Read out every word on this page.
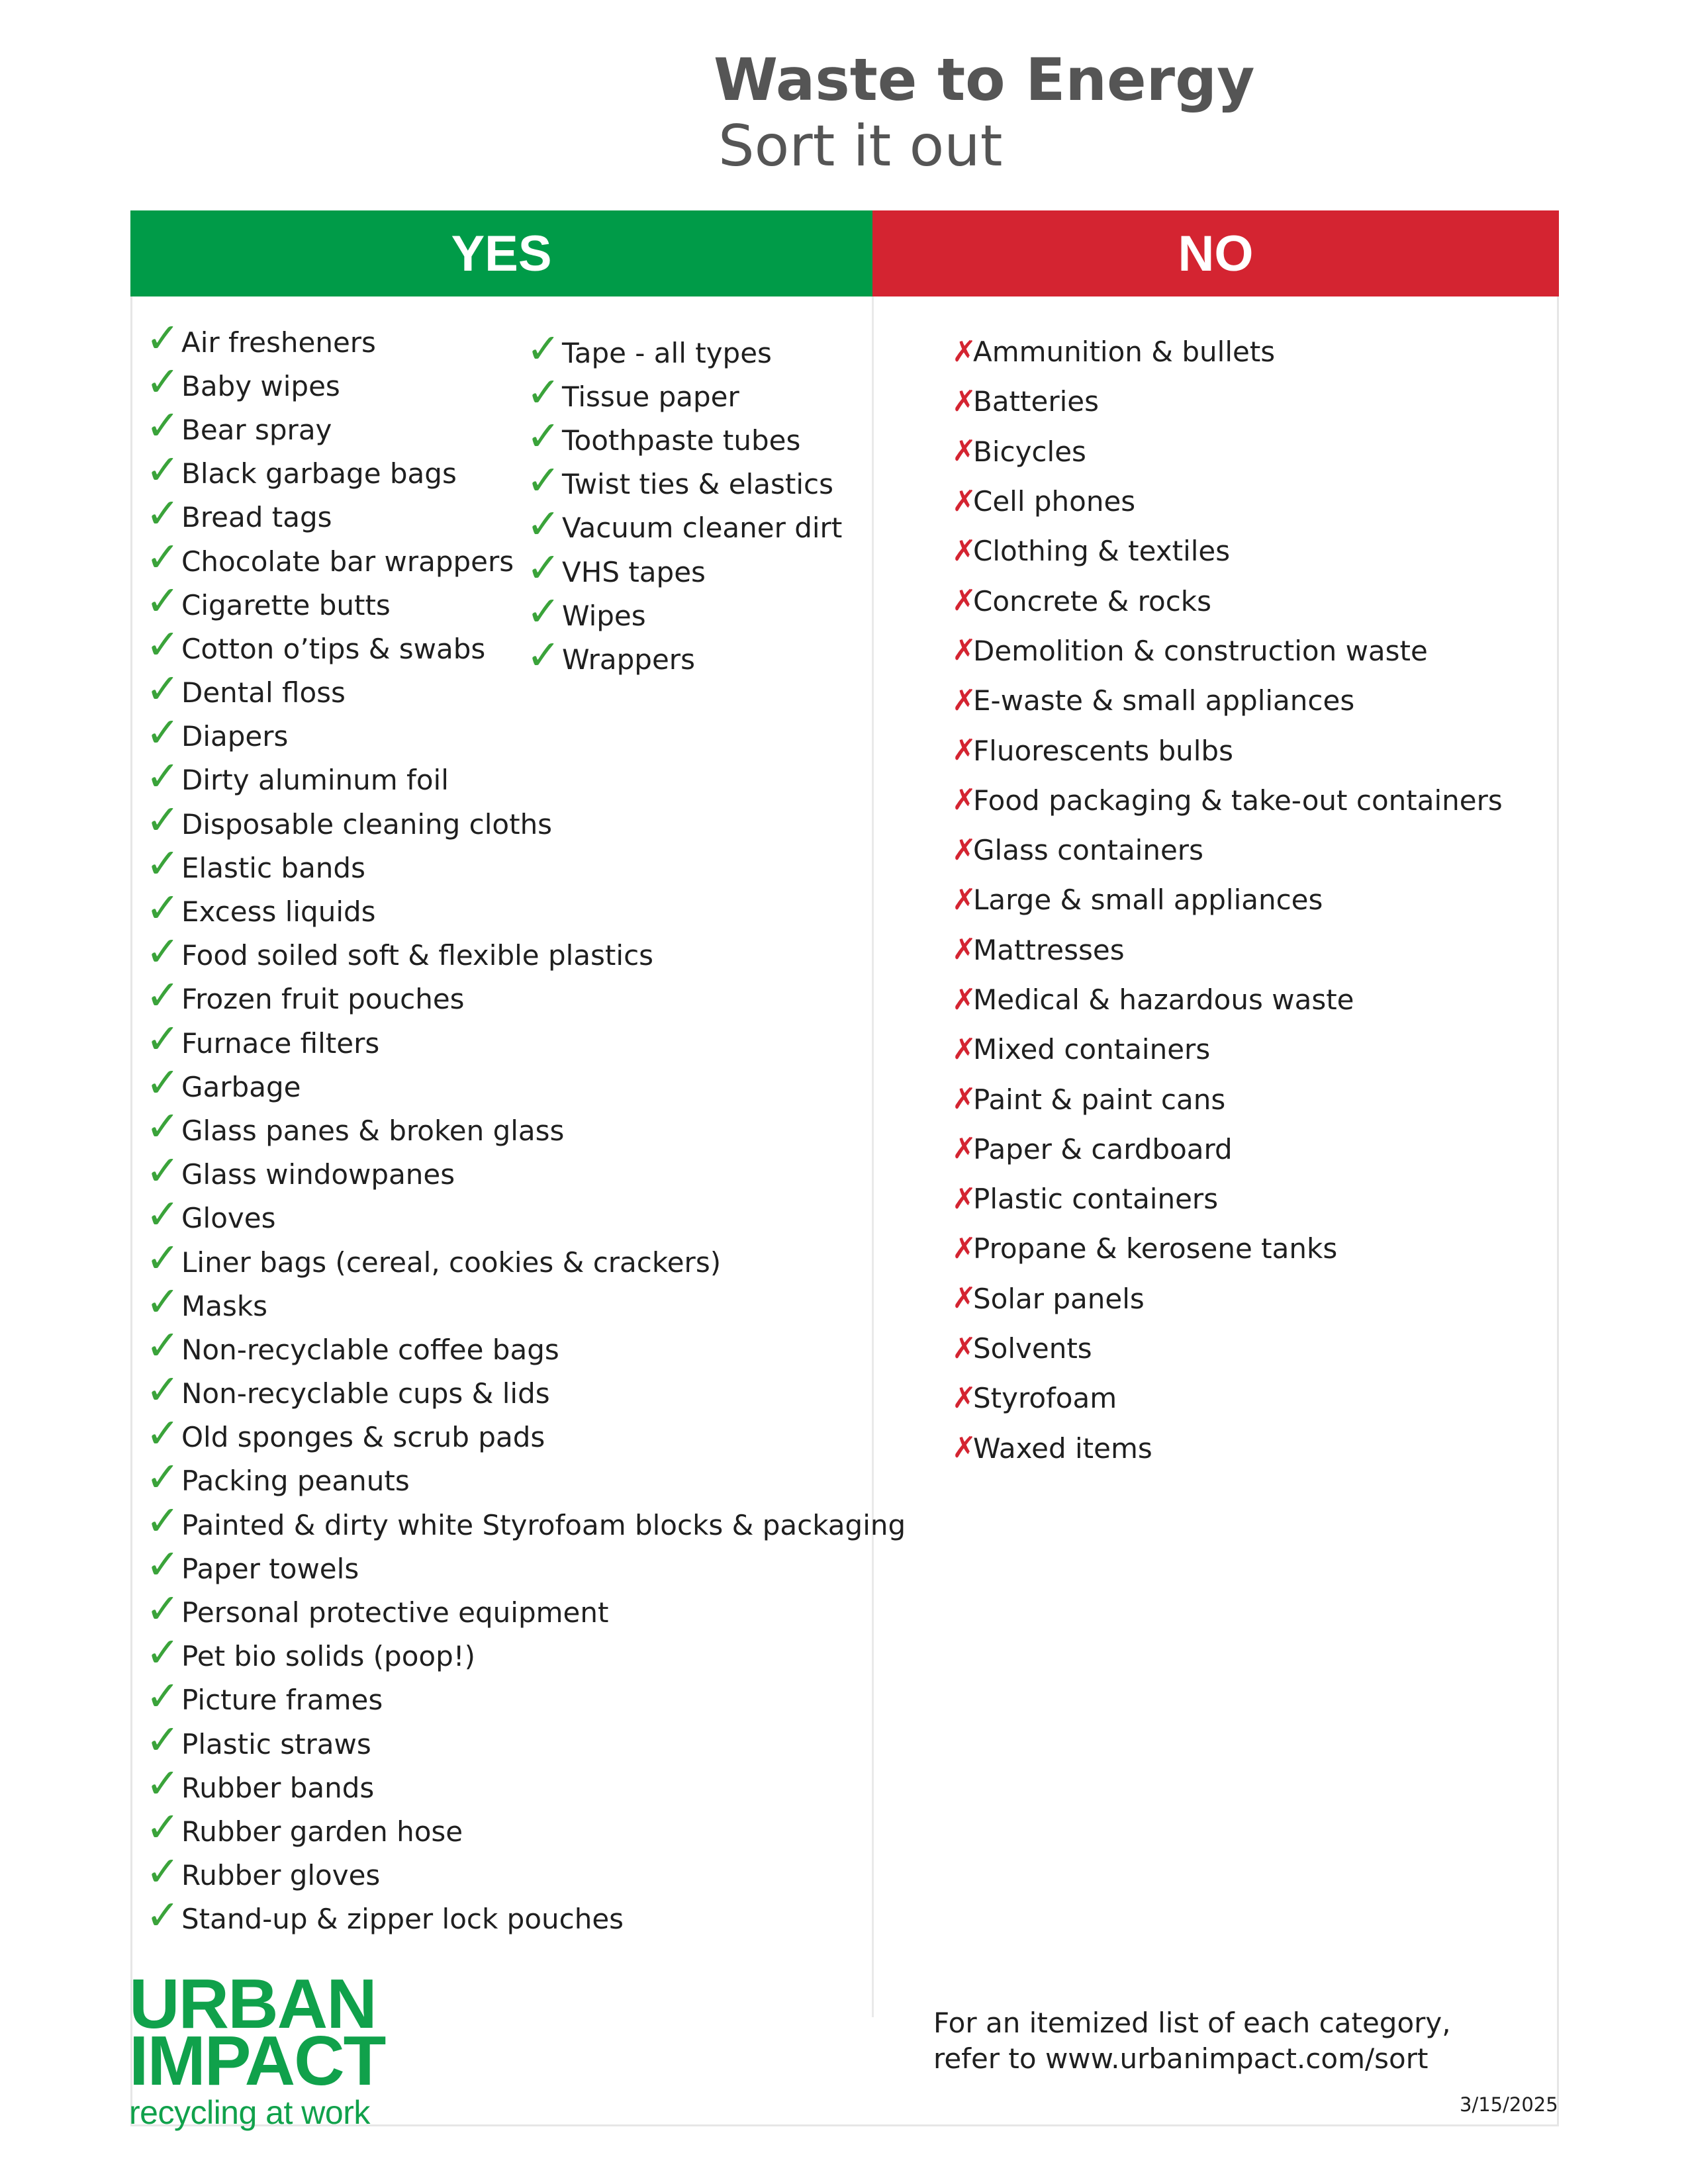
Waste to Energy
Sort it out
YES	NO
✓ Air fresheners
✓ Baby wipes
✓ Bear spray
✓ Black garbage bags
✓ Bread tags
✓ Chocolate bar wrappers
✓ Cigarette butts
✓ Cotton o’tips & swabs
✓ Dental floss
✓ Diapers
✓ Dirty aluminum foil
✓ Disposable cleaning cloths
✓ Elastic bands
✓ Excess liquids
✓ Food soiled soft & flexible plastics
✓ Frozen fruit pouches
✓ Furnace filters
✓ Garbage
✓ Glass panes & broken glass
✓ Glass windowpanes
✓ Gloves
✓ Liner bags (cereal, cookies & crackers)
✓ Masks
✓ Non-recyclable coffee bags
✓ Non-recyclable cups & lids
✓ Old sponges & scrub pads
✓ Packing peanuts
✓ Painted & dirty white Styrofoam blocks & packaging
✓ Paper towels
✓ Personal protective equipment
✓ Pet bio solids (poop!)
✓ Picture frames
✓ Plastic straws
✓ Rubber bands
✓ Rubber garden hose
✓ Rubber gloves
✓ Stand-up & zipper lock pouches
✓ Tape - all types
✓ Tissue paper
✓ Toothpaste tubes
✓ Twist ties & elastics
✓ Vacuum cleaner dirt
✓ VHS tapes
✓ Wipes
✓ Wrappers
✗
Ammunition & bullets
✗
Batteries
✗
Bicycles
✗
Cell phones
✗
Clothing & textiles
✗
Concrete & rocks
✗
Demolition & construction waste
✗
E-waste & small appliances
✗
Fluorescents bulbs
✗
Food packaging & take-out containers
✗
Glass containers
✗
Large & small appliances
✗
Mattresses
✗
Medical & hazardous waste
✗
Mixed containers
✗
Paint & paint cans
✗
Paper & cardboard
✗
Plastic containers
✗
Propane & kerosene tanks
✗
Solar panels
✗
Solvents
✗
Styrofoam
✗
Waxed items
URBAN
IMPACT
recycling at work
For an itemized list of each category,
refer to www.urbanimpact.com/sort
3/15/2025
